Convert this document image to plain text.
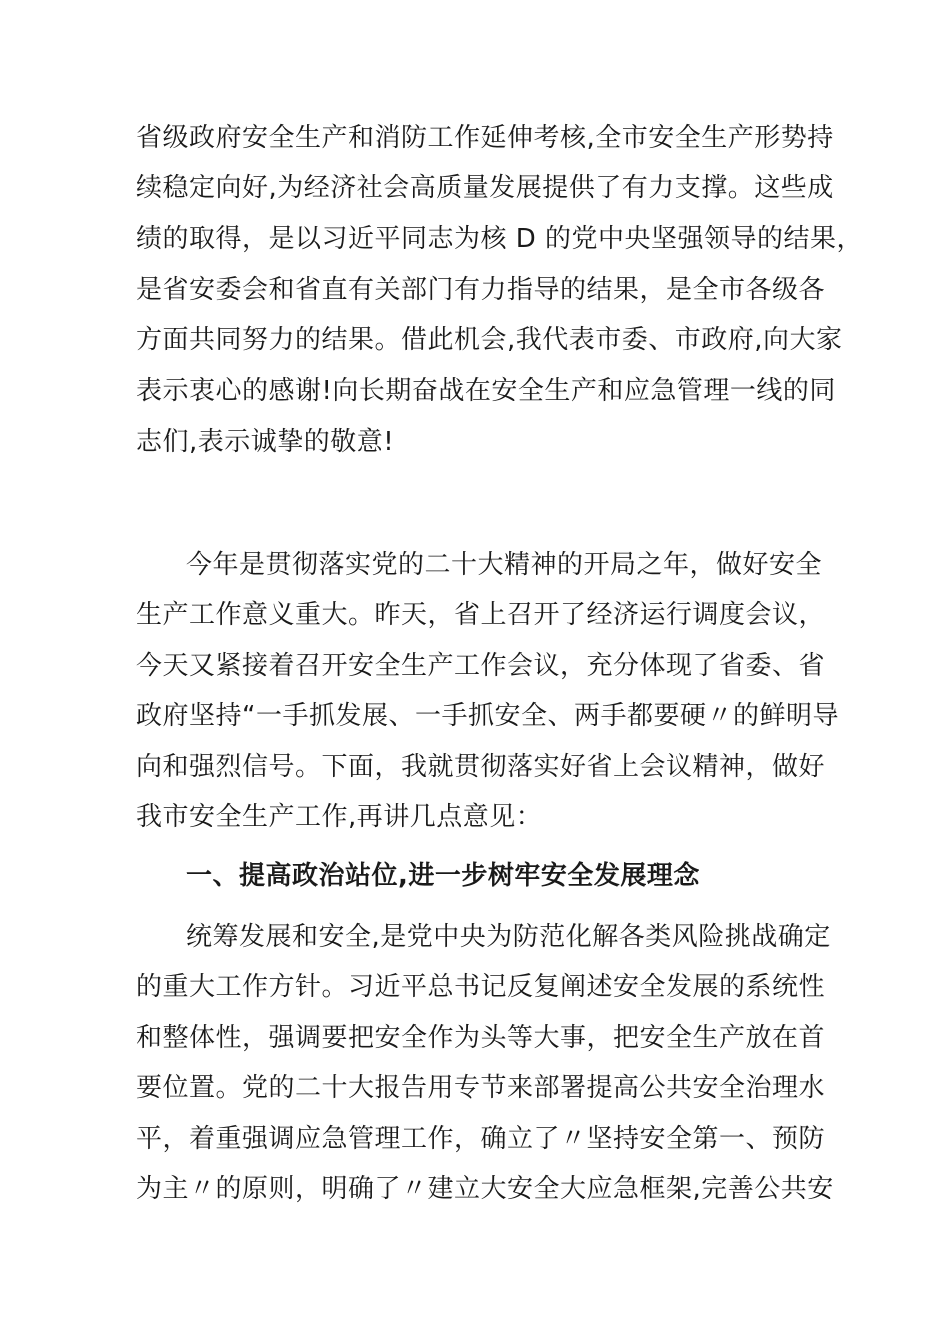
省级政府安全生产和消防工作延伸考核,全市安全生产形势持
续稳定向好,为经济社会高质量发展提供了有力支撑。这些成
绩的取得，是以习近平同志为核 D 的党中央坚强领导的结果，
是省安委会和省直有关部门有力指导的结果，是全市各级各
方面共同努力的结果。借此机会,我代表市委、市政府,向大家
表示衷心的感谢!向长期奋战在安全生产和应急管理一线的同
志们,表示诚挚的敬意!
今年是贯彻落实党的二十大精神的开局之年，做好安全
生产工作意义重大。昨天，省上召开了经济运行调度会议，
今天又紧接着召开安全生产工作会议，充分体现了省委、省
政府坚持“一手抓发展、一手抓安全、两手都要硬〃的鲜明导
向和强烈信号。下面，我就贯彻落实好省上会议精神，做好
我市安全生产工作,再讲几点意见：
一、提高政治站位,进一步树牢安全发展理念
统筹发展和安全,是党中央为防范化解各类风险挑战确定
的重大工作方针。习近平总书记反复阐述安全发展的系统性
和整体性，强调要把安全作为头等大事，把安全生产放在首
要位置。党的二十大报告用专节来部署提高公共安全治理水
平，着重强调应急管理工作，确立了〃坚持安全第一、预防
为主〃的原则，明确了〃建立大安全大应急框架,完善公共安
